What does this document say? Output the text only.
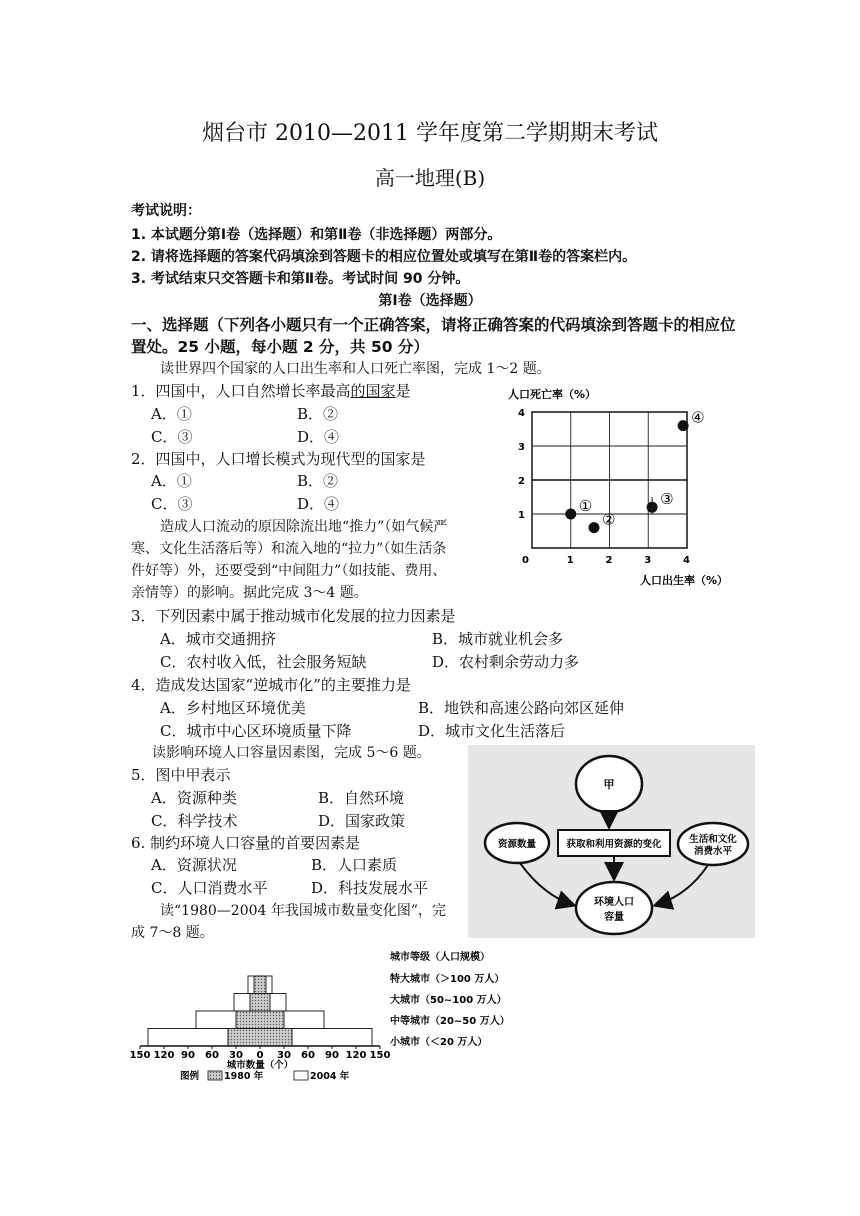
烟台市 2010—2011 学年度第二学期期末考试
高一地理(B)
考试说明：
1. 本试题分第Ⅰ卷（选择题）和第Ⅱ卷（非选择题）两部分。
2. 请将选择题的答案代码填涂到答题卡的相应位置处或填写在第Ⅱ卷的答案栏内。
3. 考试结束只交答题卡和第Ⅱ卷。考试时间 90 分钟。
第Ⅰ卷（选择题）
一、选择题（下列各小题只有一个正确答案，请将正确答案的代码填涂到答题卡的相应位
置处。25 小题，每小题 2 分，共 50 分）
读世界四个国家的人口出生率和人口死亡率图，完成 1～2 题。
1．四国中，人口自然增长率最高的国家是
A．①	B．②
C．③	D．④
2．四国中，人口增长模式为现代型的国家是
A．①	B．②
C．③	D．④
造成人口流动的原因除流出地“推力”（如气候严
寒、文化生活落后等）和流入地的“拉力”（如生活条
件好等）外，还要受到“中间阻力”（如技能、费用、
亲情等）的影响。据此完成 3～4 题。
3．下列因素中属于推动城市化发展的拉力因素是
A．城市交通拥挤	B．城市就业机会多
C．农村收入低，社会服务短缺	D．农村剩余劳动力多
4．造成发达国家“逆城市化”的主要推力是
A．乡村地区环境优美	B．地铁和高速公路向郊区延伸
C．城市中心区环境质量下降	D．城市文化生活落后
读影响环境人口容量因素图，完成 5～6 题。
5．图中甲表示
A．资源种类	B．自然环境
C．科学技术	D．国家政策
6. 制约环境人口容量的首要因素是
A．资源状况	B．人口素质
C．人口消费水平	D．科技发展水平
读“1980—2004 年我国城市数量变化图”，完
成 7～8 题。
人口死亡率（%）
人口出生率（%）
0
1
2
3
4
1	2	3	4
①
②
③
④
甲
资源数量	获取和利用资源的变化	生活和文化
消费水平
环境人口
容量
150 120 90 60 30 0 30 60 90 120 150
城市数量（个）
图例	1980 年	2004 年
城市等级（人口规模）
特大城市（＞100 万人）
大城市（50~100 万人）
中等城市（20~50 万人）
小城市（＜20 万人）
